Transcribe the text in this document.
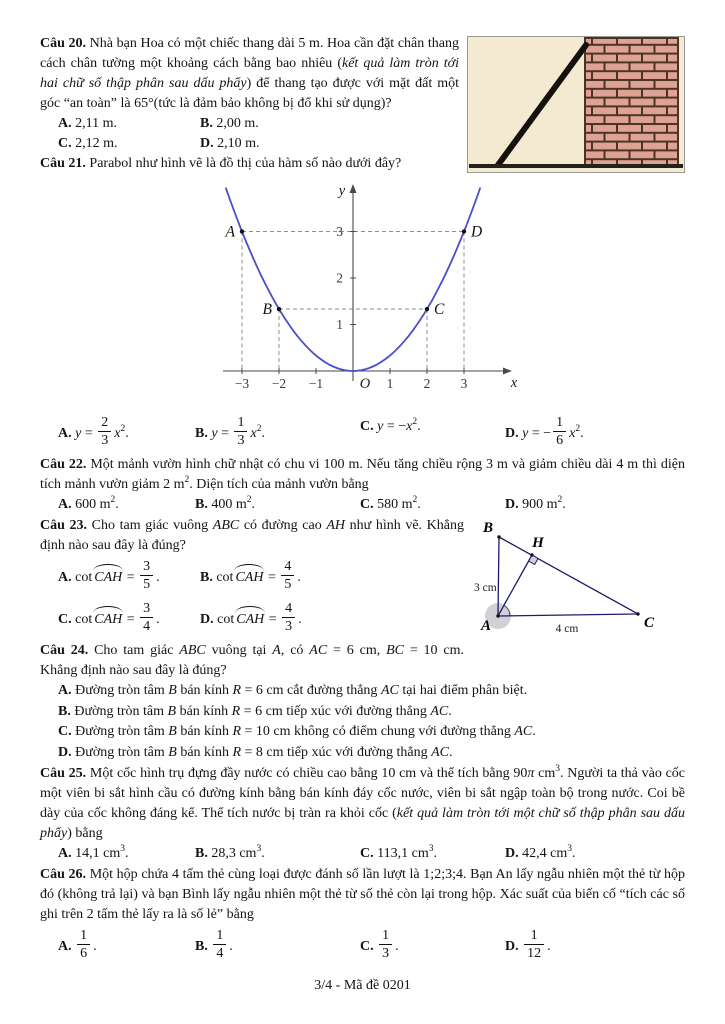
Câu 20. Nhà bạn Hoa có một chiếc thang dài 5 m. Hoa cần đặt chân thang cách chân tường một khoảng cách bằng bao nhiêu (kết quả làm tròn tới hai chữ số thập phân sau dấu phẩy) để thang tạo được với mặt đất một góc “an toàn” là 65°(tức là đảm bảo không bị đổ khi sử dụng)?

A. 2,11 m.	B. 2,00 m.
C. 2,12 m.	D. 2,10 m.

Câu 21. Parabol như hình vẽ là đồ thị của hàm số nào dưới đây?

−3 −2 −1	1 2 3
1
2
3
O	x
y
A
B	C
D
A. $y = \frac{2}{3} x^2$.	B. $y = \frac{1}{3} x^2$.	C. $y = -x^2$.	D. y = − $\frac{1}{6} x^2$.

Câu 22. Một mảnh vườn hình chữ nhật có chu vi 100 m. Nếu tăng chiều rộng 3 m và giảm chiều dài 4 m thì diện tích mảnh vườn giảm 2 $m^2$. Diện tích của mảnh vườn bằng

A. 600 $m^2$.	B. 400 $m^2$.	C. 580 $m^2$.	D. 900 $m^2$.
B
H
A	C
3 cm
4 cm

Câu 23. Cho tam giác vuông ABC có đường cao AH như hình vẽ. Khẳng định nào sau đây là đúng?

A. cot CAH = $\frac{3}{5}$ .	B. cot CAH = $\frac{4}{5}$ .
C. cot CAH = $\frac{3}{4}$ .	D. cot CAH = $\frac{4}{3}$ .

Câu 24. Cho tam giác ABC vuông tại A, có AC = 6 cm, BC = 10 cm. Khẳng định nào sau đây là đúng?

A. Đường tròn tâm B bán kính R = 6 cm cắt đường thẳng AC tại hai điểm phân biệt.
B. Đường tròn tâm B bán kính R = 6 cm tiếp xúc với đường thẳng AC.
C. Đường tròn tâm B bán kính R = 10 cm không có điểm chung với đường thẳng AC.
D. Đường tròn tâm B bán kính R = 8 cm tiếp xúc với đường thẳng AC.

Câu 25. Một cốc hình trụ đựng đầy nước có chiều cao bằng 10 cm và thể tích bằng 90π $cm^3$. Người ta thả vào cốc một viên bi sắt hình cầu có đường kính bằng bán kính đáy cốc nước, viên bi sắt ngập toàn bộ trong nước. Coi bề dày của cốc không đáng kể. Thể tích nước bị tràn ra khỏi cốc (kết quả làm tròn tới một chữ số thập phân sau dấu phẩy) bằng

A. 14,1 $cm^3$.	B. 28,3 $cm^3$.	C. 113,1 $cm^3$.	D. 42,4 $cm^3$.

Câu 26. Một hộp chứa 4 tấm thẻ cùng loại được đánh số lần lượt là 1;2;3;4. Bạn An lấy ngẫu nhiên một thẻ từ hộp đó (không trả lại) và bạn Bình lấy ngẫu nhiên một thẻ từ số thẻ còn lại trong hộp. Xác suất của biến cố “tích các số ghi trên 2 tấm thẻ lấy ra là số lẻ” bằng

A. $\frac{1}{6}$ .	B. $\frac{1}{4}$ .	C. $\frac{1}{3}$ .	D. $\frac{1}{12}$ .
3/4 - Mã đề 0201
